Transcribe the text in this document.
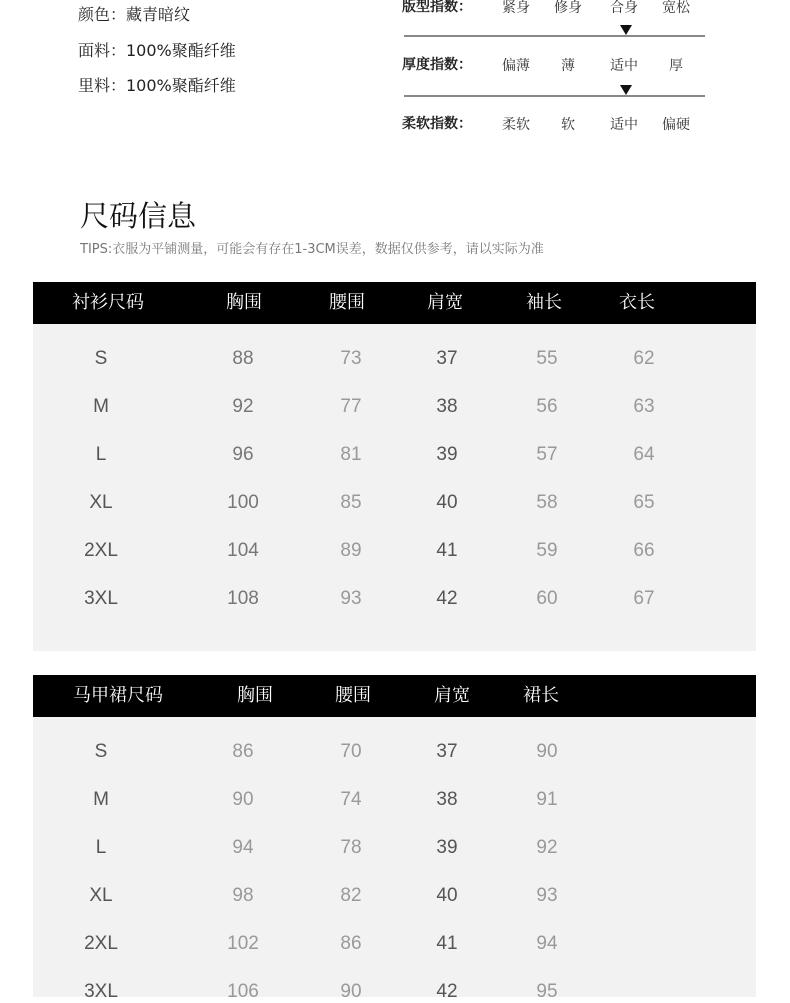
颜色：藏青暗纹
面料：100%聚酯纤维
里料：100%聚酯纤维
版型指数： 紧身 修身 合身 宽松
厚度指数： 偏薄 薄	适中 厚
柔软指数： 柔软 软	适中 偏硬
尺码信息
TIPS:衣服为平铺测量，可能会有存在1-3CM误差，数据仅供参考，请以实际为准
衬衫尺码	胸围	腰围	肩宽	袖长	衣长
S	88	73	37	55	62
M	92	77	38	56	63
L	96	81	39	57	64
XL	100	85	40	58	65
2XL	104	89	41	59	66
3XL	108	93	42	60	67
马甲裙尺码	胸围	腰围	肩宽	裙长
S	86	70	37	90
M	90	74	38	91
L	94	78	39	92
XL	98	82	40	93
2XL	102	86	41	94
3XL	106	90	42	95
